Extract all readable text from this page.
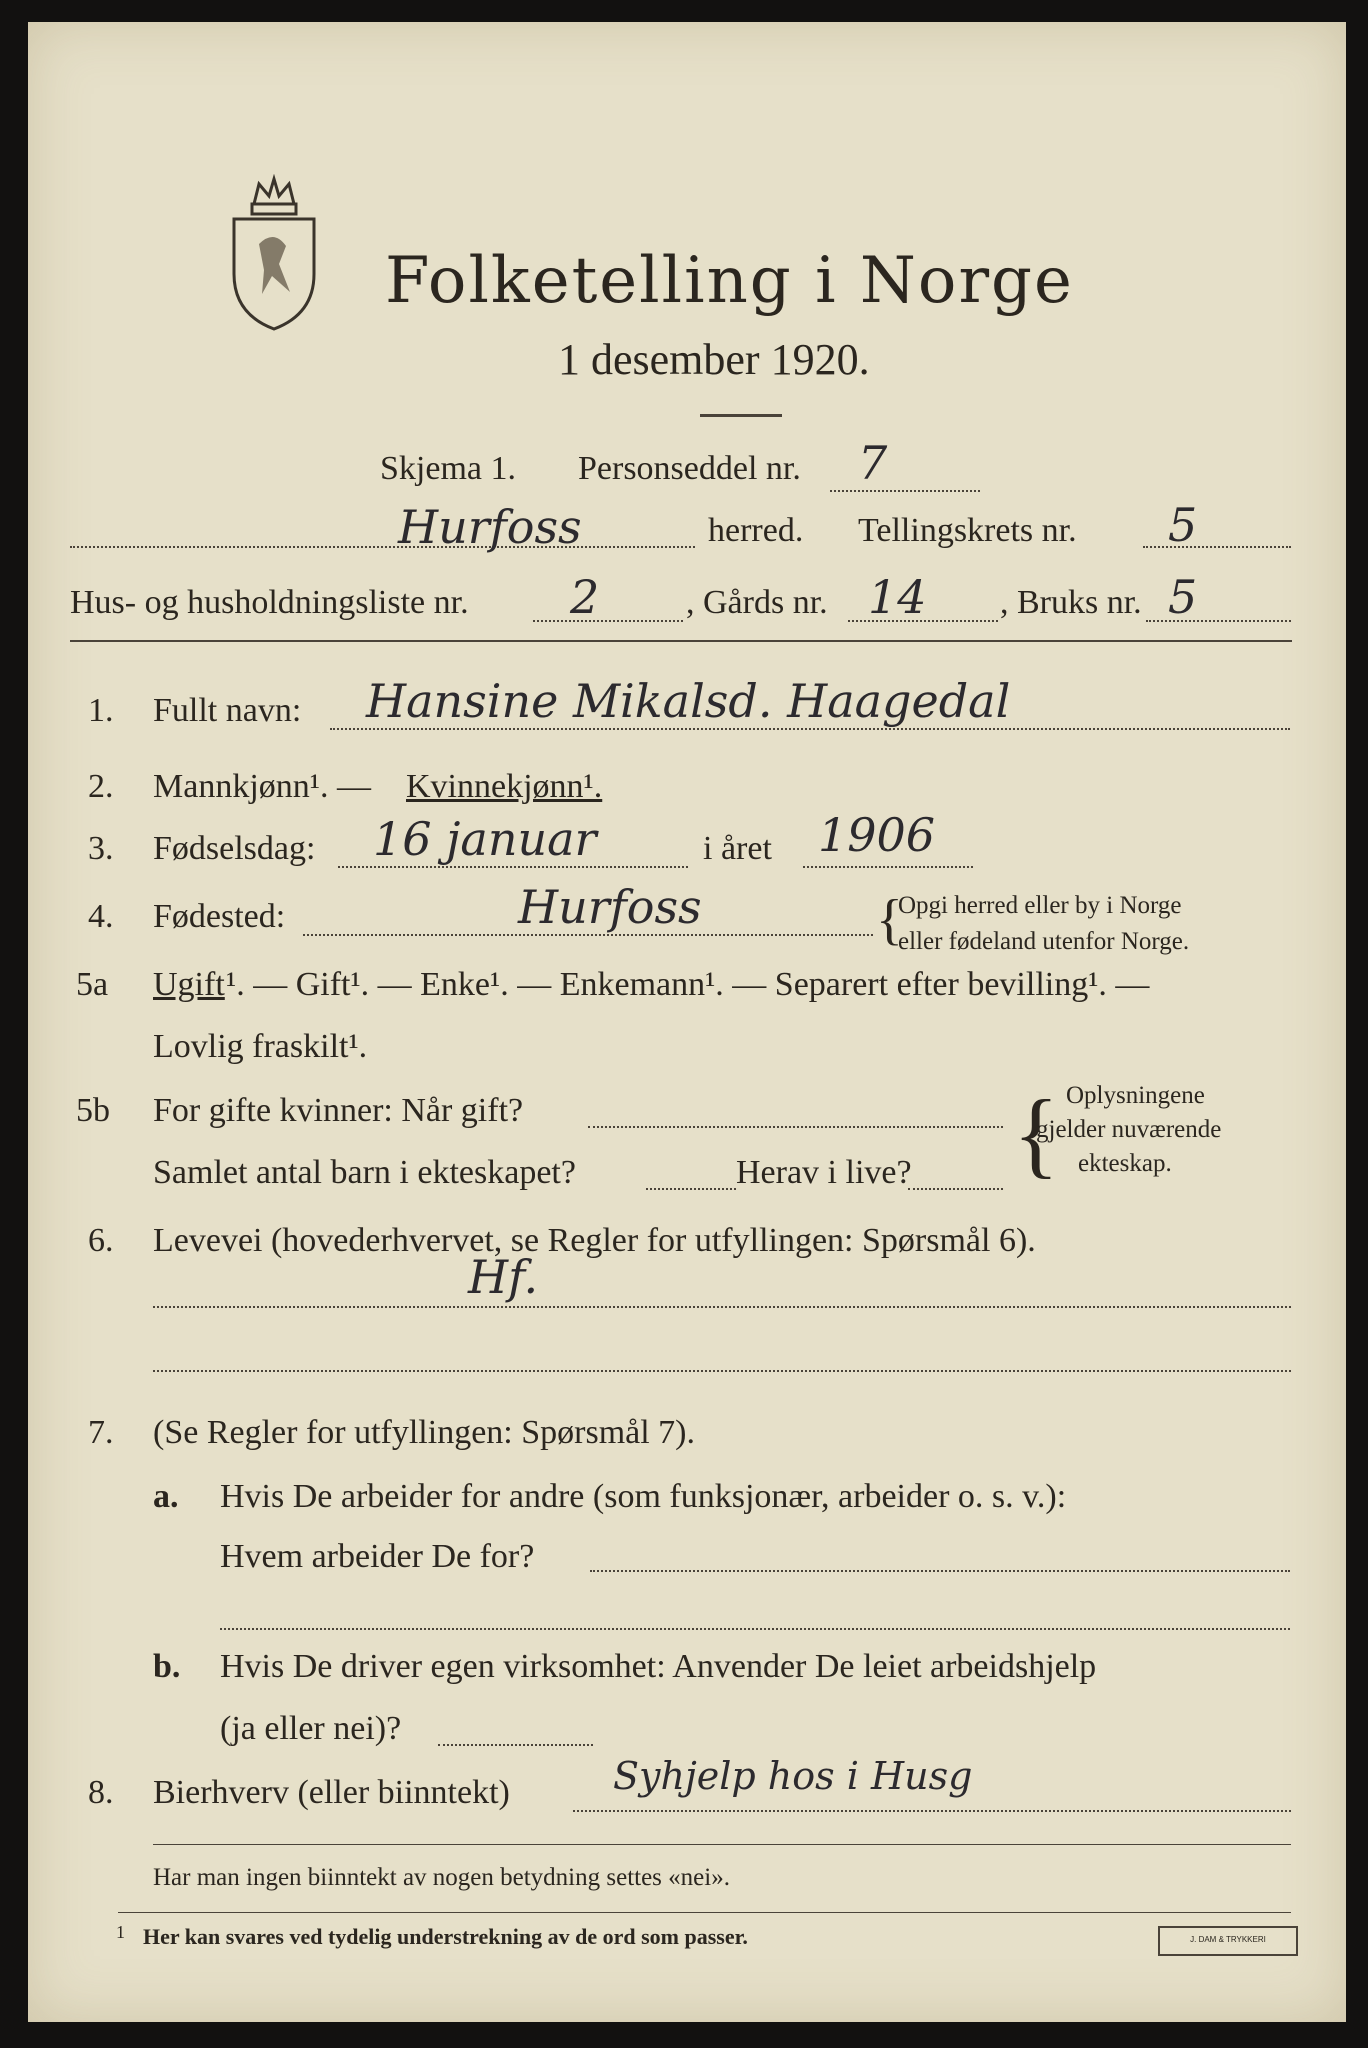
Folketelling i Norge
1 desember 1920.
Skjema 1. Personseddel nr. 7
Hurfoss	herred. Tellingskrets nr. 5
Hus- og husholdningsliste nr. 2	, Gårds nr. 14 , Bruks nr. 5
1. Fullt navn: Hansine Mikalsd. Haagedal
2. Mannkjønn¹. — Kvinnekjønn¹.
3. Fødselsdag: 16 januar	i året 1906
4. Fødested:	Hurfoss	{
Opgi herred eller by i Norge
eller fødeland utenfor Norge.
5a Ugift ¹. — Gift¹. — Enke¹. — Enkemann¹. — Separert efter bevilling¹. —
Lovlig fraskilt¹.
5b For gifte kvinner: Når gift?
Samlet antal barn i ekteskapet?	Herav i live? { Oplysningene
gjelder nuværende
ekteskap.
6. Levevei (hovederhvervet, se Regler for utfyllingen: Spørsmål 6).
Hf.
7. (Se Regler for utfyllingen: Spørsmål 7).
a. Hvis De arbeider for andre (som funksjonær, arbeider o. s. v.):
Hvem arbeider De for?
b. Hvis De driver egen virksomhet: Anvender De leiet arbeidshjelp
(ja eller nei)?
8. Bierhverv (eller biinntekt)	Syhjelp hos i Husg
Har man ingen biinntekt av nogen betydning settes «nei».
1 Her kan svares ved tydelig understrekning av de ord som passer.	J. DAM & TRYKKERI
